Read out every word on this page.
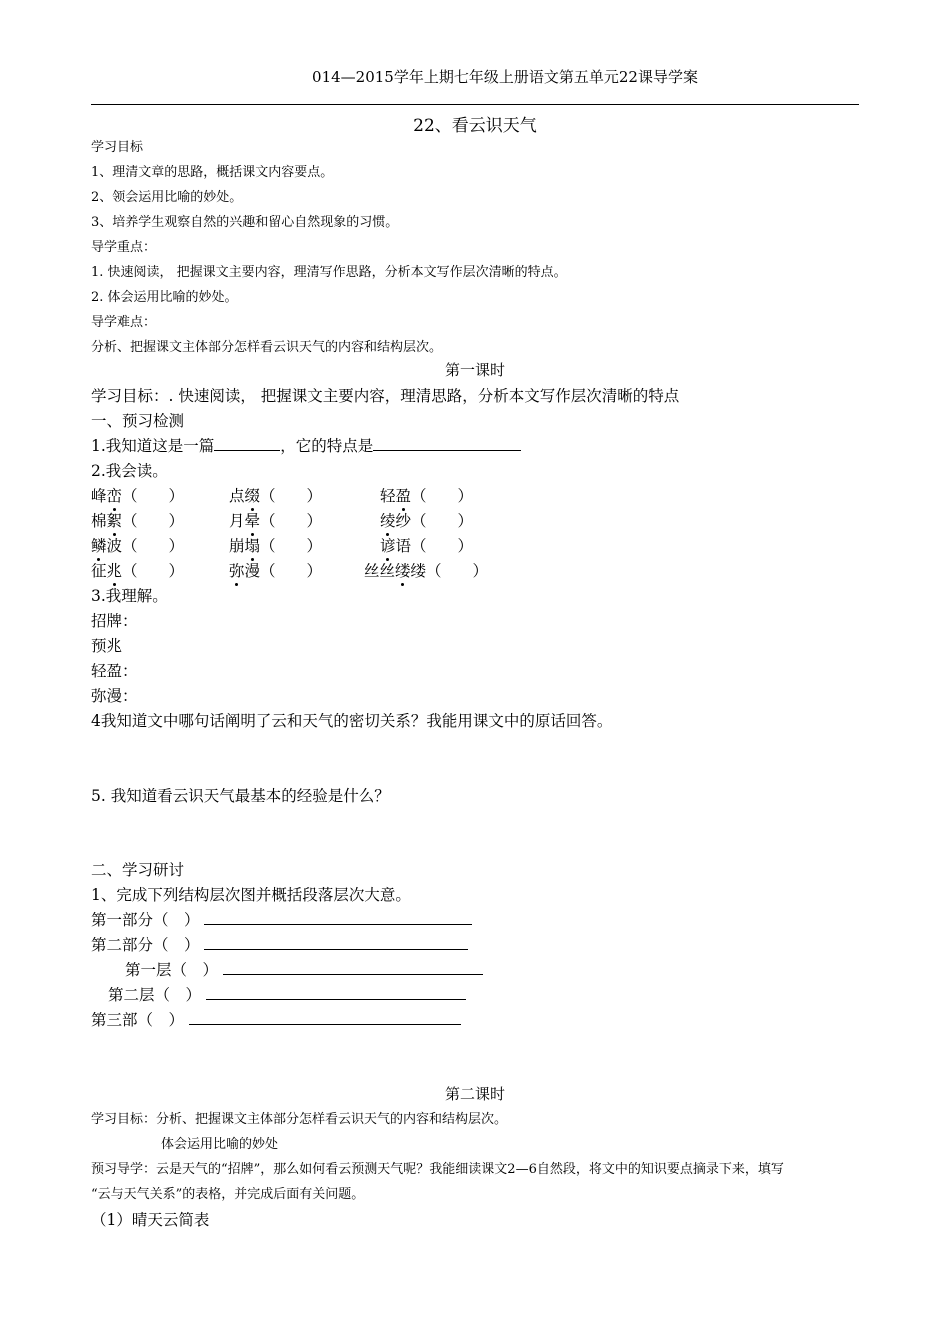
014—2015学年上期七年级上册语文第五单元22课导学案
22、看云识天气
学习目标
1、理清文章的思路，概括课文内容要点。
2、领会运用比喻的妙处。
3、培养学生观察自然的兴趣和留心自然现象的习惯。
导学重点：
1. 快速阅读， 把握课文主要内容，理清写作思路，分析本文写作层次清晰的特点。
2. 体会运用比喻的妙处。
导学难点：
分析、把握课文主体部分怎样看云识天气的内容和结构层次。
第一课时
学习目标：. 快速阅读， 把握课文主要内容，理清思路，分析本文写作层次清晰的特点
一、预习检测
1.我知道这是一篇	，它的特点是
2.我会读。
峰峦（　　）	点缀（　　）	轻盈（　　）
棉絮（　　）	月晕（　　）	绫纱（　　）
鳞波（　　）	崩塌（　　）	谚语（　　）
征兆（　　）	弥漫（　　）	丝丝缕缕（　　）
3.我理解。
招牌：
预兆
轻盈：
弥漫：
4我知道文中哪句话阐明了云和天气的密切关系？我能用课文中的原话回答。
5. 我知道看云识天气最基本的经验是什么？
二、学习研讨
1、完成下列结构层次图并概括段落层次大意。
第一部分（　）
第二部分（　）
第一层（　）
第二层（　）
第三部（　）
第二课时
学习目标：分析、把握课文主体部分怎样看云识天气的内容和结构层次。
体会运用比喻的妙处
预习导学：云是天气的“招牌”，那么如何看云预测天气呢？我能细读课文2—6自然段，将文中的知识要点摘录下来，填写
“云与天气关系”的表格，并完成后面有关问题。
（1）晴天云简表
